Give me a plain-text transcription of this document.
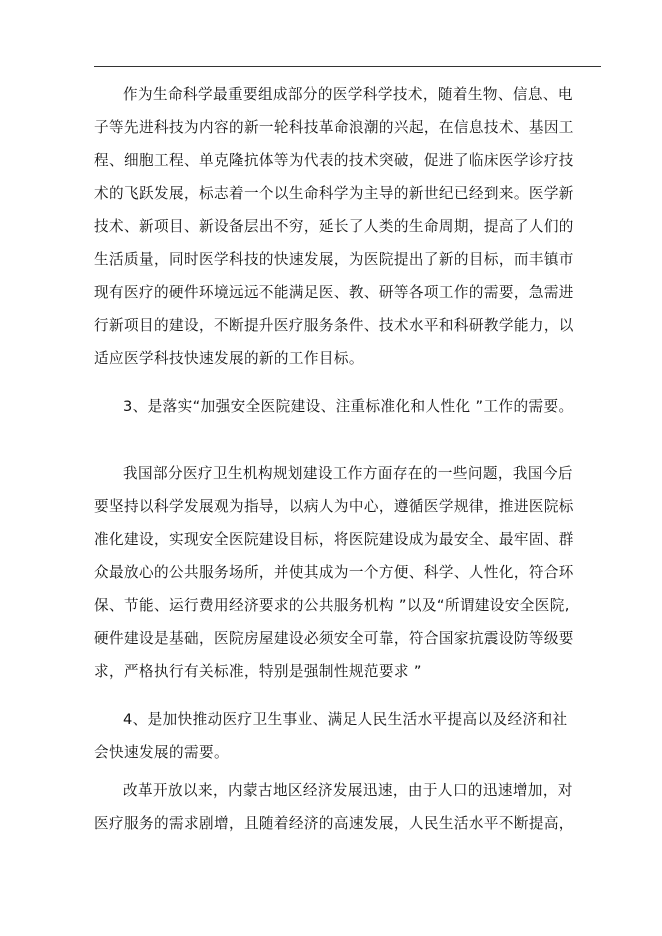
作为生命科学最重要组成部分的医学科学技术，随着生物、信息、电
子等先进科技为内容的新一轮科技革命浪潮的兴起，在信息技术、基因工
程、细胞工程、单克隆抗体等为代表的技术突破，促进了临床医学诊疗技
术的飞跃发展，标志着一个以生命科学为主导的新世纪已经到来。医学新
技术、新项目、新设备层出不穷，延长了人类的生命周期，提高了人们的
生活质量，同时医学科技的快速发展，为医院提出了新的目标，而丰镇市
现有医疗的硬件环境远远不能满足医、教、研等各项工作的需要，急需进
行新项目的建设，不断提升医疗服务条件、技术水平和科研教学能力，以
适应医学科技快速发展的新的工作目标。
3、是落实“加强安全医院建设、注重标准化和人性化 ”工作的需要。
我国部分医疗卫生机构规划建设工作方面存在的一些问题，我国今后
要坚持以科学发展观为指导，以病人为中心，遵循医学规律，推进医院标
准化建设，实现安全医院建设目标，将医院建设成为最安全、最牢固、群
众最放心的公共服务场所，并使其成为一个方便、科学、人性化，符合环
保、节能、运行费用经济要求的公共服务机构 ”以及“所谓建设安全医院,
硬件建设是基础，医院房屋建设必须安全可靠，符合国家抗震设防等级要
求，严格执行有关标准，特别是强制性规范要求 ”
4、是加快推动医疗卫生事业、满足人民生活水平提高以及经济和社
会快速发展的需要。
改革开放以来，内蒙古地区经济发展迅速，由于人口的迅速增加，对
医疗服务的需求剧增，且随着经济的高速发展，人民生活水平不断提高，
